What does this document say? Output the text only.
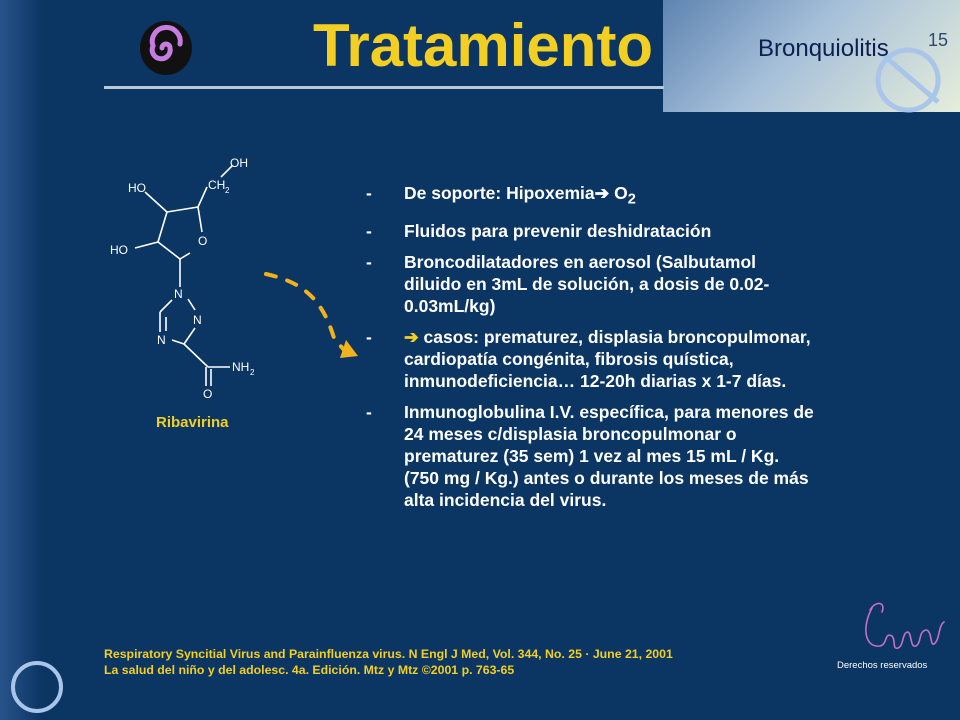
Tratamiento	Bronquiolitis 15
OH
CH 2
HO
HO
O
N
N
N
NH 2
O
Ribavirina
- De soporte: Hipoxemia➔ $O_2$
- Fluidos para prevenir deshidratación
- Broncodilatadores en aerosol (Salbutamol diluido en 3mL de solución, a dosis de 0.02-0.03mL/kg)
- ➔ casos: prematurez, displasia broncopulmonar, cardiopatía congénita, fibrosis quística, inmunodeficiencia… 12-20h diarias x 1-7 días.
- Inmunoglobulina I.V. específica, para menores de 24 meses c/displasia broncopulmonar o prematurez (35 sem) 1 vez al mes 15 mL / Kg. (750 mg / Kg.) antes o durante los meses de más alta incidencia del virus.
Respiratory Syncitial Virus and Parainfluenza virus. N Engl J Med, Vol. 344, No. 25 · June 21, 2001
La salud del niño y del adolesc. 4a. Edición. Mtz y Mtz ©2001 p. 763-65	Derechos reservados
